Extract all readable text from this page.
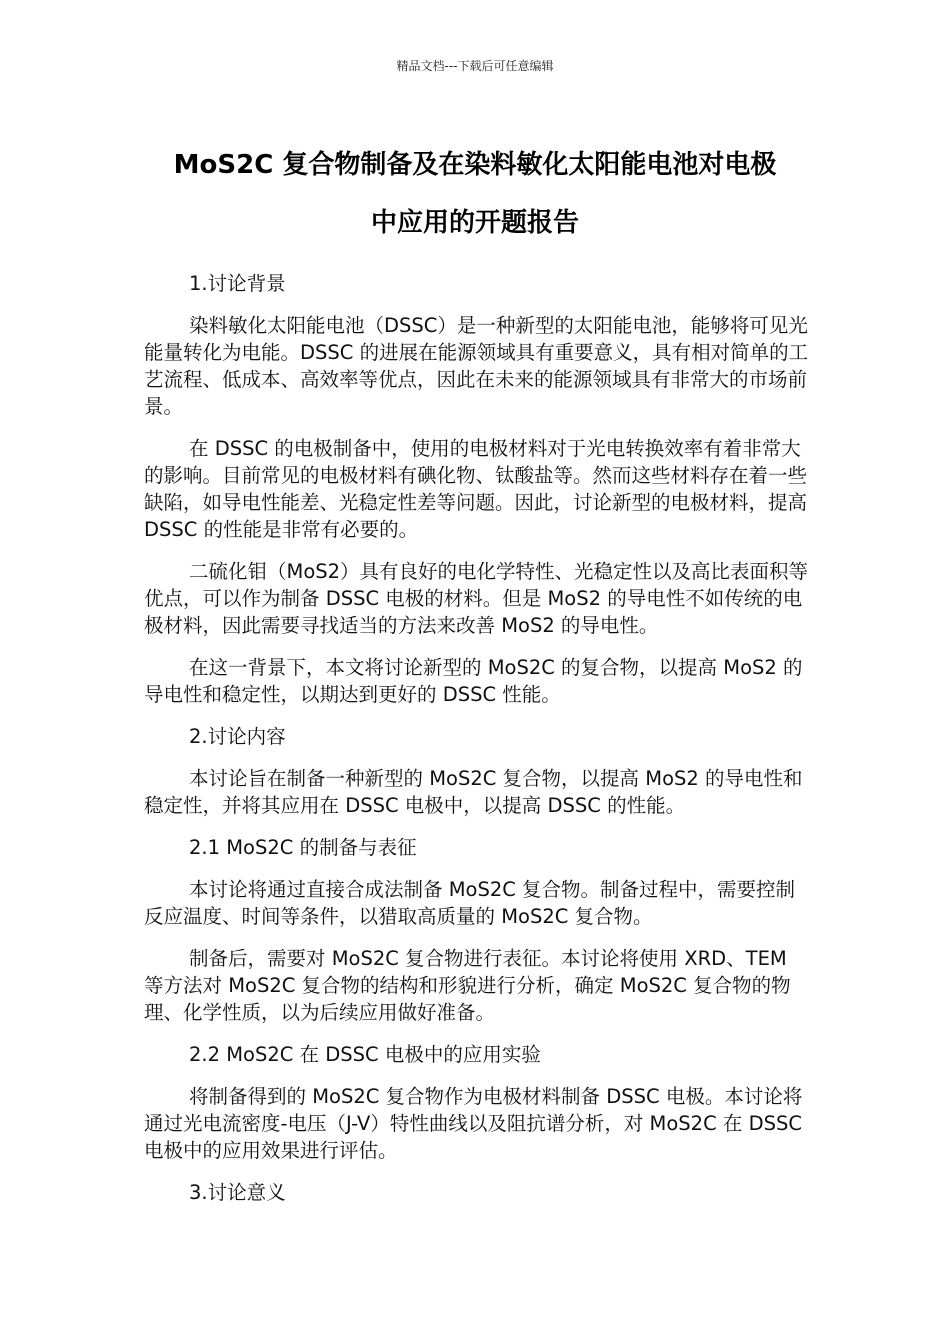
精品文档---下载后可任意编辑
MoS2C 复合物制备及在染料敏化太阳能电池对电极
中应用的开题报告
1.讨论背景
染料敏化太阳能电池（DSSC）是一种新型的太阳能电池，能够将可见光能量转化为电能。DSSC 的进展在能源领域具有重要意义，具有相对简单的工艺流程、低成本、高效率等优点，因此在未来的能源领域具有非常大的市场前景。
在 DSSC 的电极制备中，使用的电极材料对于光电转换效率有着非常大的影响。目前常见的电极材料有碘化物、钛酸盐等。然而这些材料存在着一些缺陷，如导电性能差、光稳定性差等问题。因此，讨论新型的电极材料，提高 DSSC 的性能是非常有必要的。
二硫化钼（MoS2）具有良好的电化学特性、光稳定性以及高比表面积等优点，可以作为制备 DSSC 电极的材料。但是 MoS2 的导电性不如传统的电极材料，因此需要寻找适当的方法来改善 MoS2 的导电性。
在这一背景下，本文将讨论新型的 MoS2C 的复合物，以提高 MoS2 的导电性和稳定性，以期达到更好的 DSSC 性能。
2.讨论内容
本讨论旨在制备一种新型的 MoS2C 复合物，以提高 MoS2 的导电性和稳定性，并将其应用在 DSSC 电极中，以提高 DSSC 的性能。
2.1 MoS2C 的制备与表征
本讨论将通过直接合成法制备 MoS2C 复合物。制备过程中，需要控制反应温度、时间等条件，以猎取高质量的 MoS2C 复合物。
制备后，需要对 MoS2C 复合物进行表征。本讨论将使用 XRD、TEM 等方法对 MoS2C 复合物的结构和形貌进行分析，确定 MoS2C 复合物的物理、化学性质，以为后续应用做好准备。
2.2 MoS2C 在 DSSC 电极中的应用实验
将制备得到的 MoS2C 复合物作为电极材料制备 DSSC 电极。本讨论将通过光电流密度-电压（J-V）特性曲线以及阻抗谱分析，对 MoS2C 在 DSSC 电极中的应用效果进行评估。
3.讨论意义
